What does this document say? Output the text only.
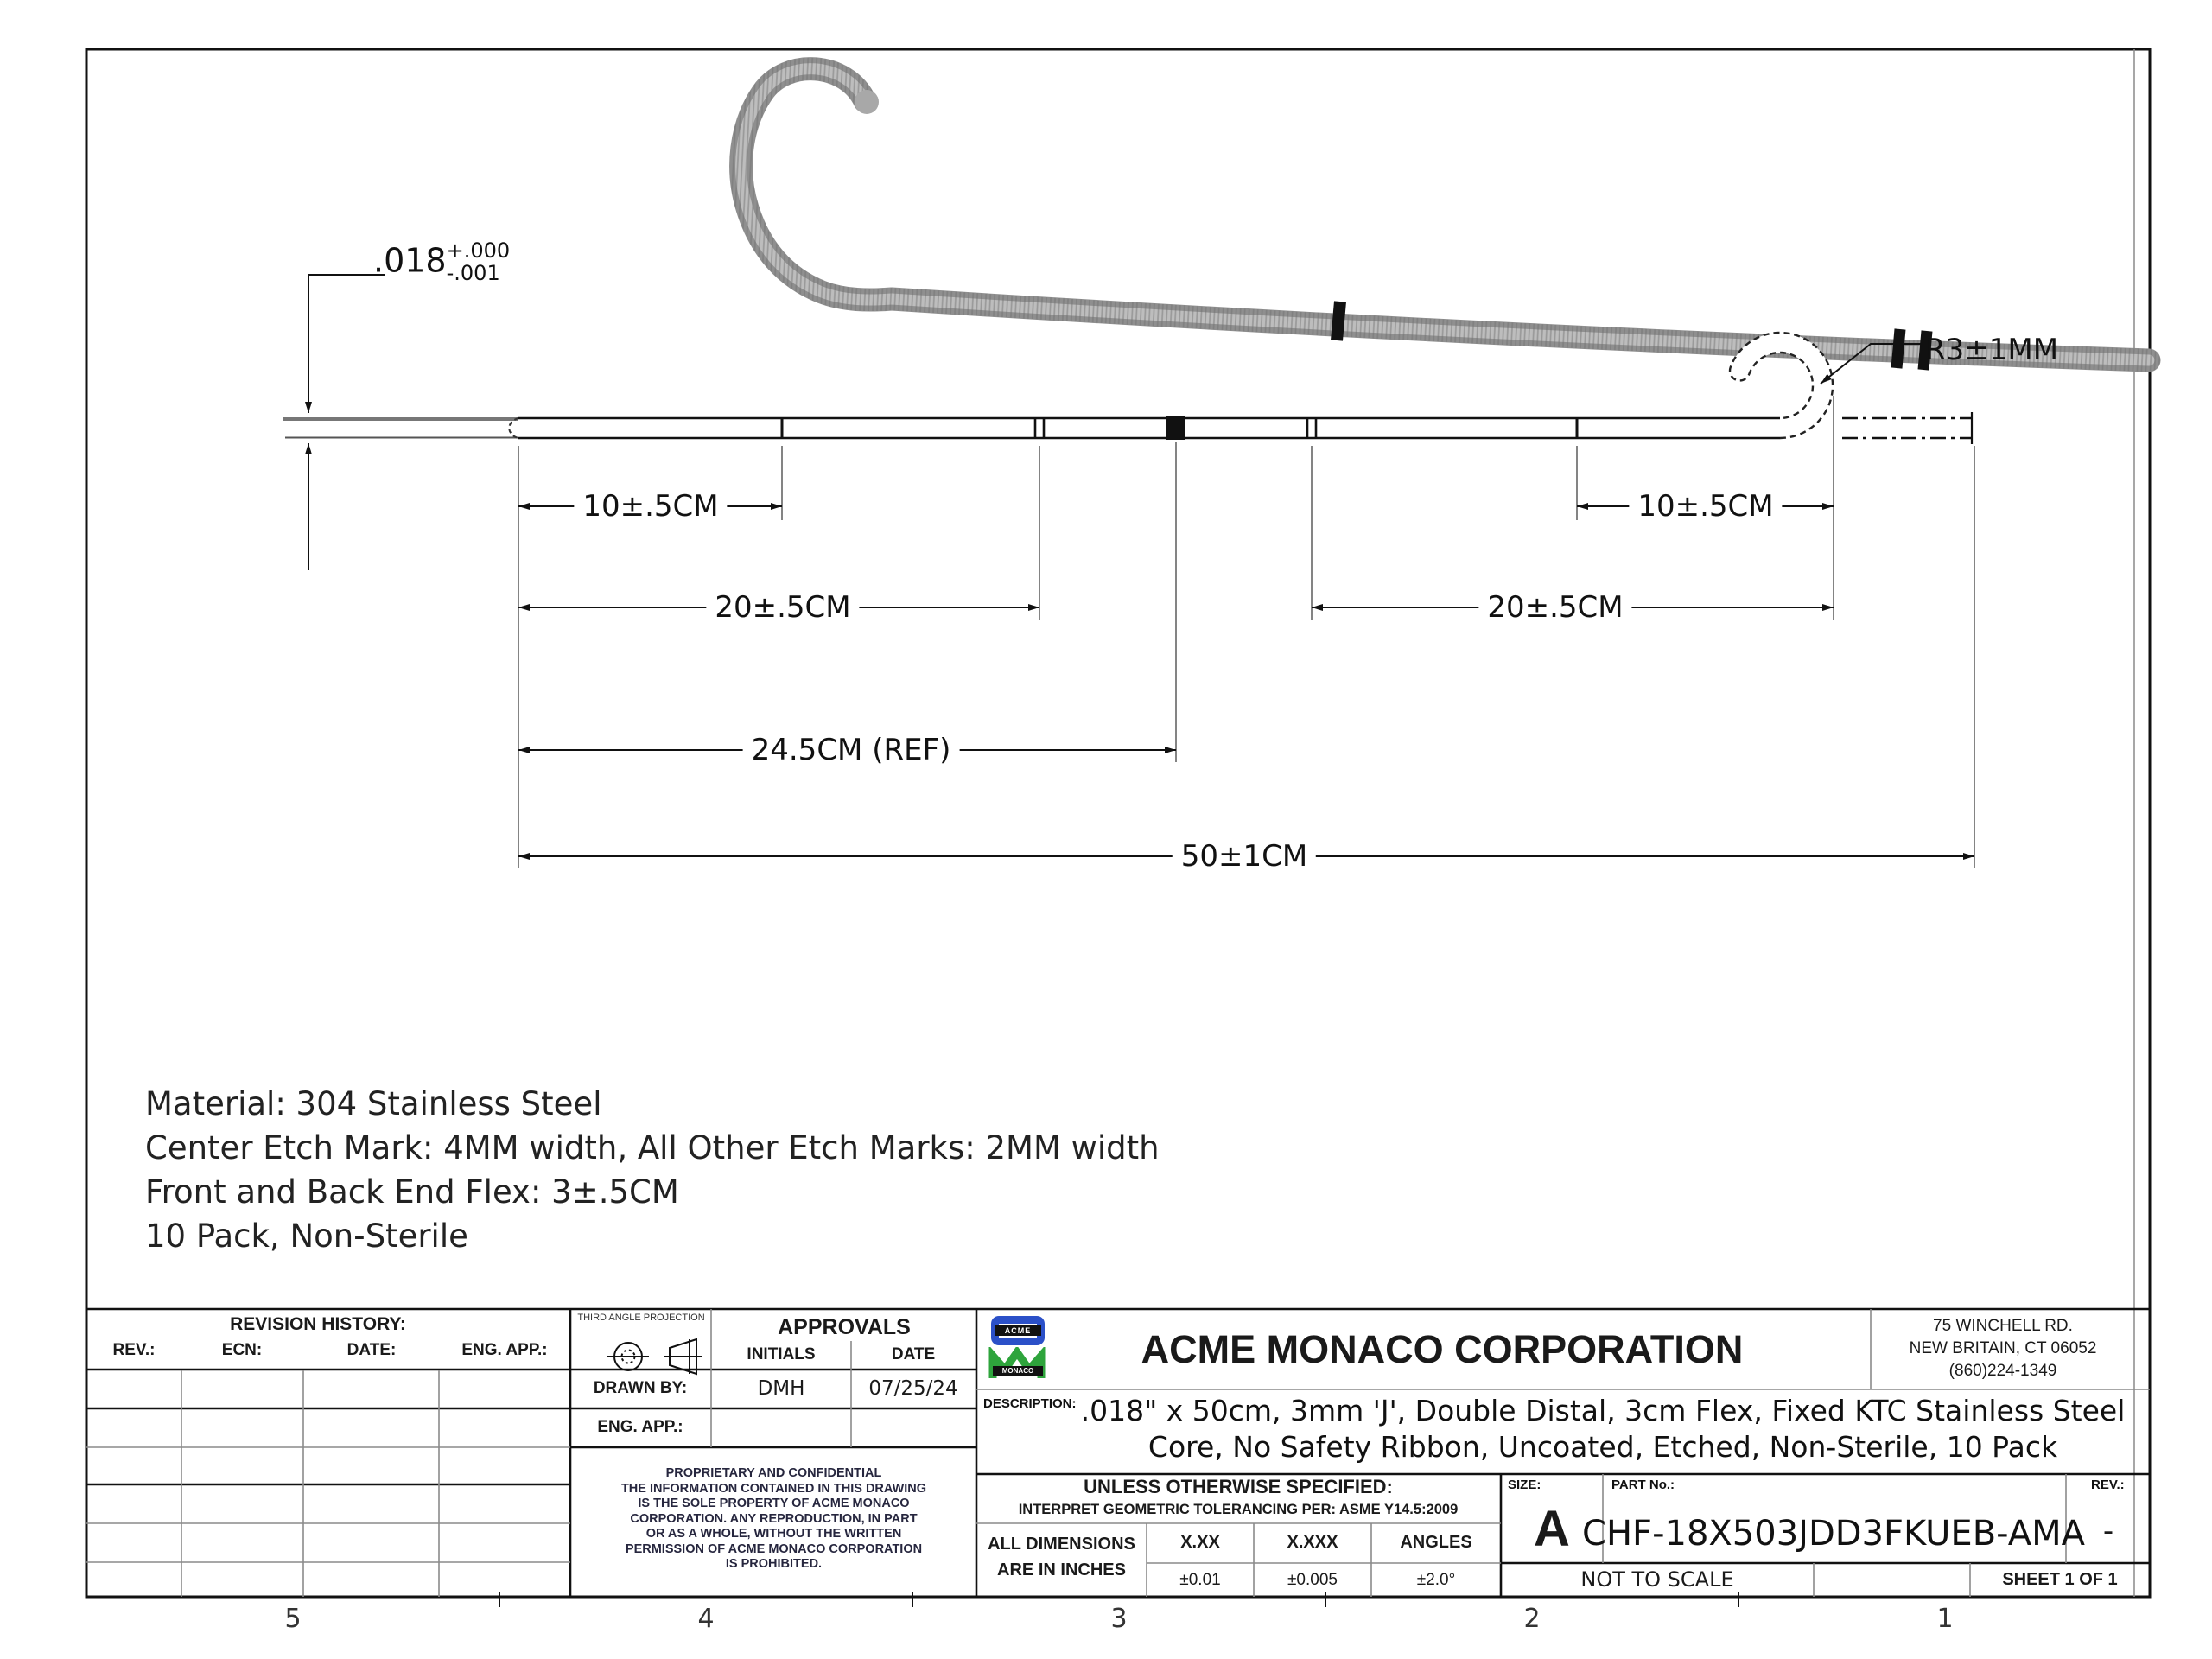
.018 +.000
-.001
10±.5CM	10±.5CM
20±.5CM	20±.5CM
24.5CM (REF)
50±1CM
R3±1MM
Material: 304 Stainless Steel
Center Etch Mark: 4MM width, All Other Etch Marks: 2MM width
Front and Back End Flex: 3±.5CM
10 Pack, Non-Sterile
5	4	3	2	1
REVISION HISTORY:
REV.:	ECN:	DATE:	ENG. APP.:
THIRD ANGLE PROJECTION	APPROVALS
INITIALS	DATE
DRAWN BY:	DMH	07/25/24
ENG. APP.:
PROPRIETARY AND CONFIDENTIAL
THE INFORMATION CONTAINED IN THIS DRAWING
IS THE SOLE PROPERTY OF ACME MONACO
CORPORATION. ANY REPRODUCTION, IN PART
OR AS A WHOLE, WITHOUT THE WRITTEN
PERMISSION OF ACME MONACO CORPORATION
IS PROHIBITED.
ACME
MONACO	ACME MONACO CORPORATION
75 WINCHELL RD.
NEW BRITAIN, CT 06052
(860)224-1349
DESCRIPTION: .018" x 50cm, 3mm 'J', Double Distal, 3cm Flex, Fixed KTC Stainless Steel
Core, No Safety Ribbon, Uncoated, Etched, Non-Sterile, 10 Pack
UNLESS OTHERWISE SPECIFIED:
INTERPRET GEOMETRIC TOLERANCING PER: ASME Y14.5:2009
ALL DIMENSIONS
ARE IN INCHES
X.XX	X.XXX	ANGLES
±0.01	±0.005	±2.0°
SIZE:
A
PART No.:
CHF-18X503JDD3FKUEB-AMA
REV.:
-
NOT TO SCALE	SHEET 1 OF 1
